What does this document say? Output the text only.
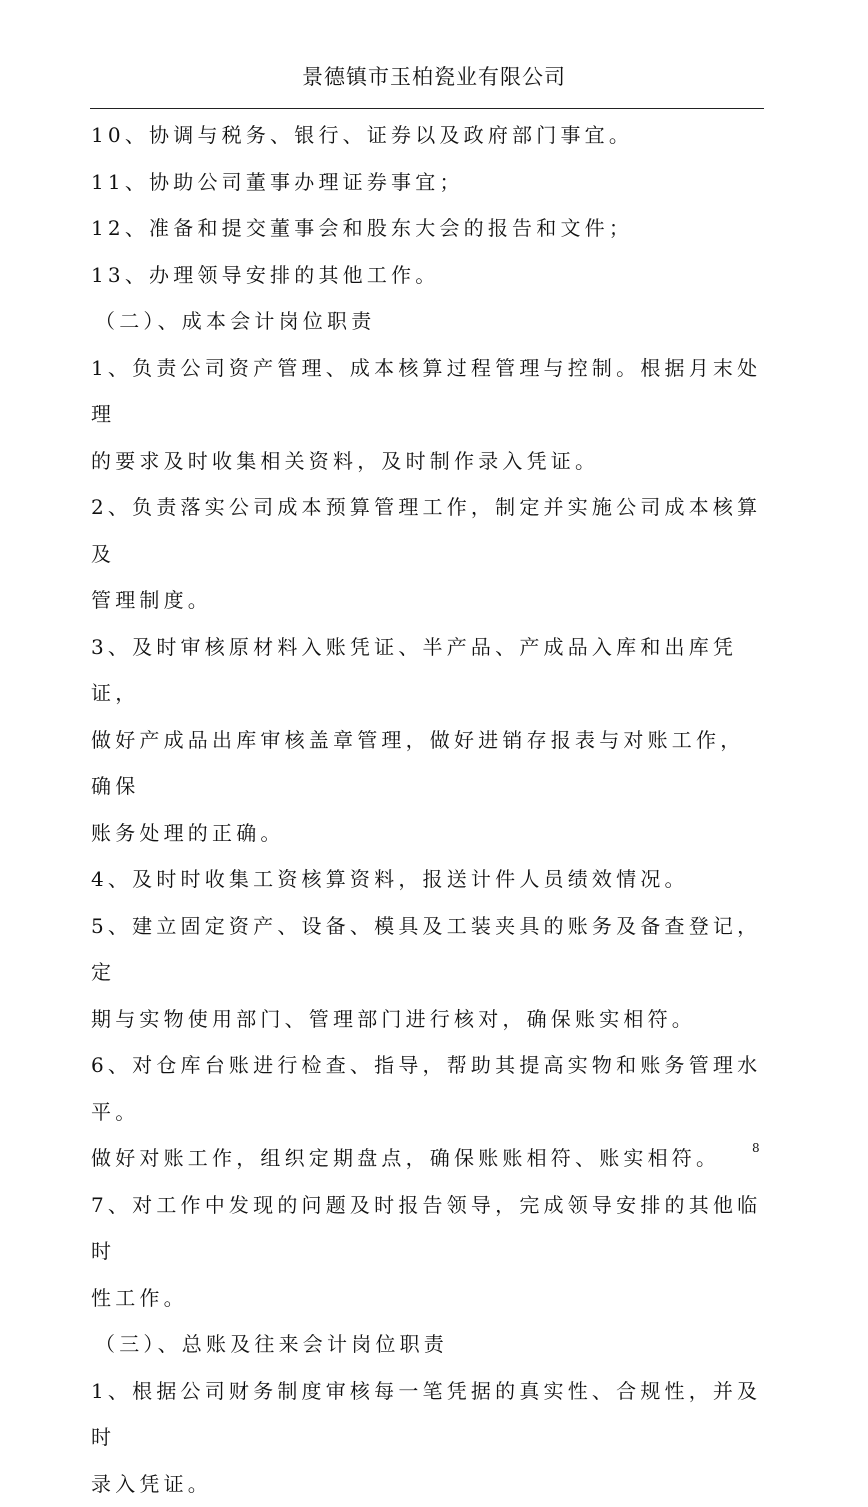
景德镇市玉柏瓷业有限公司

10、协调与税务、银行、证券以及政府部门事宜。

11、协助公司董事办理证券事宜；

12、准备和提交董事会和股东大会的报告和文件；

13、办理领导安排的其他工作。

（二）、成本会计岗位职责

1、负责公司资产管理、成本核算过程管理与控制。根据月末处理

的要求及时收集相关资料，及时制作录入凭证。

2、负责落实公司成本预算管理工作，制定并实施公司成本核算及

管理制度。

3、及时审核原材料入账凭证、半产品、产成品入库和出库凭证，

做好产成品出库审核盖章管理，做好进销存报表与对账工作，确保

账务处理的正确。

4、及时时收集工资核算资料，报送计件人员绩效情况。

5、建立固定资产、设备、模具及工装夹具的账务及备查登记，定

期与实物使用部门、管理部门进行核对，确保账实相符。

6、对仓库台账进行检查、指导，帮助其提高实物和账务管理水平。

做好对账工作，组织定期盘点，确保账账相符、账实相符。

7、对工作中发现的问题及时报告领导，完成领导安排的其他临时

性工作。

（三）、总账及往来会计岗位职责

1、根据公司财务制度审核每一笔凭据的真实性、合规性，并及时

录入凭证。

8
